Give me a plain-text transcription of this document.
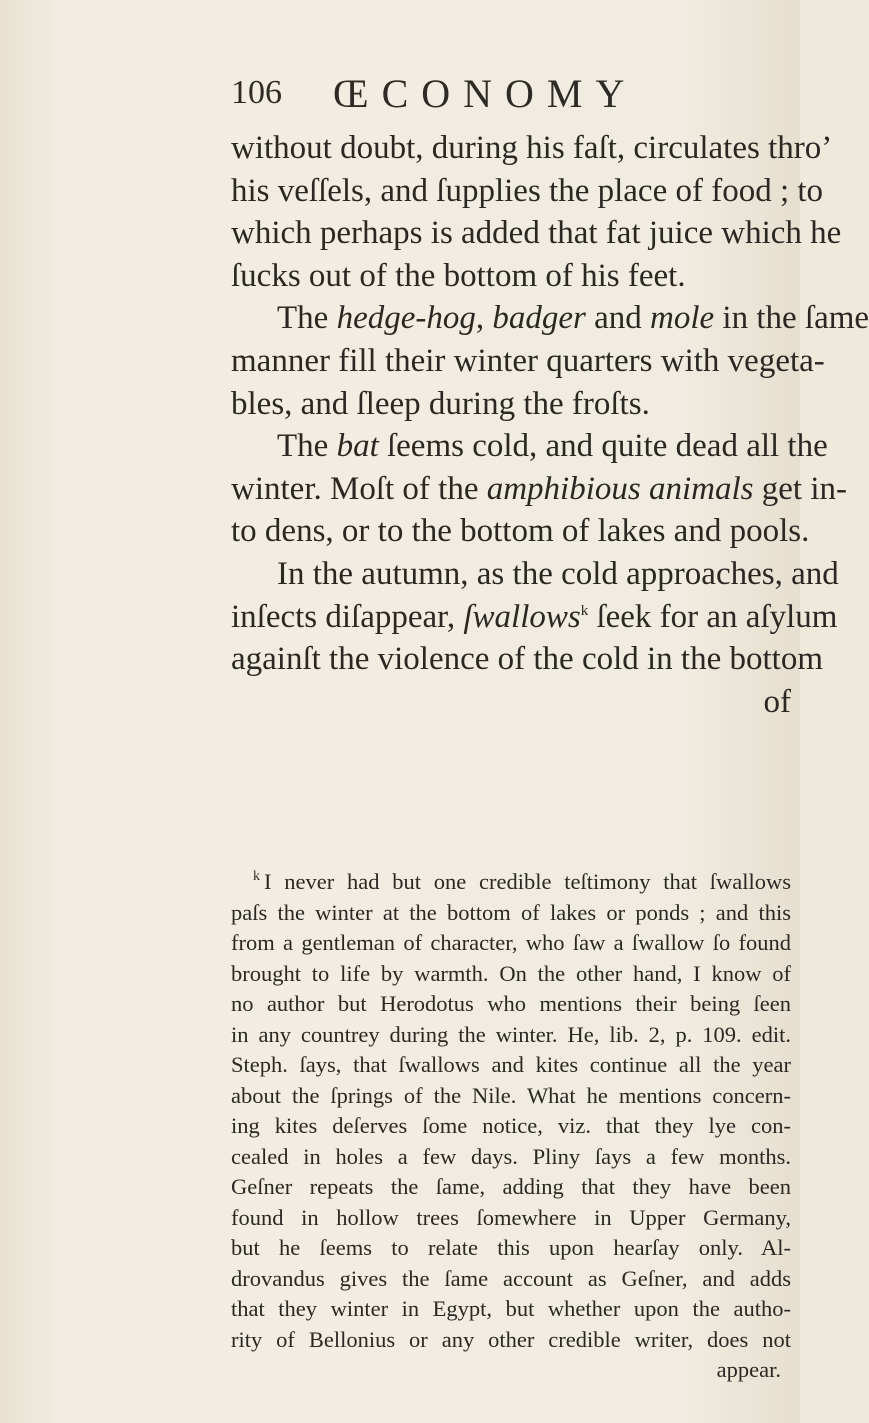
106 ŒCONOMY
without doubt, during his faſt, circulates thro’
his veſſels, and ſupplies the place of food ; to
which perhaps is added that fat juice which he
ſucks out of the bottom of his feet.
The hedge-hog, badger and mole in the ſame
manner fill their winter quarters with vegeta-
bles, and ſleep during the froſts.
The bat ſeems cold, and quite dead all the
winter. Moſt of the amphibious animals get in-
to dens, or to the bottom of lakes and pools.
In the autumn, as the cold approaches, and
inſects diſappear, ſwallows$^k$ ſeek for an aſylum
againſt the violence of the cold in the bottom
of
$^k$ I never had but one credible teſtimony that ſwallows
paſs the winter at the bottom of lakes or ponds ; and this
from a gentleman of character, who ſaw a ſwallow ſo found
brought to life by warmth. On the other hand, I know of
no author but Herodotus who mentions their being ſeen
in any countrey during the winter. He, lib. 2, p. 109. edit.
Steph. ſays, that ſwallows and kites continue all the year
about the ſprings of the Nile. What he mentions concern-
ing kites deſerves ſome notice, viz. that they lye con-
cealed in holes a few days. Pliny ſays a few months.
Geſner repeats the ſame, adding that they have been
found in hollow trees ſomewhere in Upper Germany,
but he ſeems to relate this upon hearſay only. Al-
drovandus gives the ſame account as Geſner, and adds
that they winter in Egypt, but whether upon the autho-
rity of Bellonius or any other credible writer, does not
appear.
